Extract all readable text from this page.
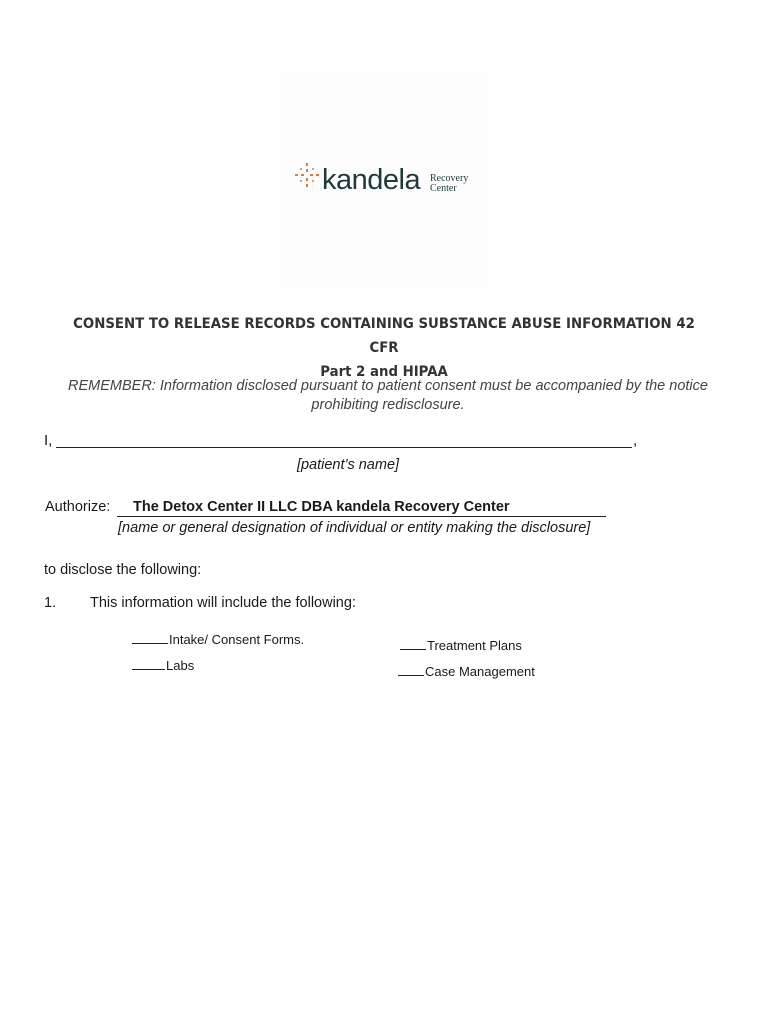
kandela Recovery
Center
CONSENT TO RELEASE RECORDS CONTAINING SUBSTANCE ABUSE INFORMATION 42 CFR
Part 2 and HIPAA
REMEMBER: Information disclosed pursuant to patient consent must be accompanied by the notice prohibiting redisclosure.
I,	,
[patient’s name]
Authorize:	The Detox Center II LLC DBA kandela Recovery Center
[name or general designation of individual or entity making the disclosure]
to disclose the following:
1. This information will include the following:
Intake/ Consent Forms.
Labs
Treatment Plans
Case Management
